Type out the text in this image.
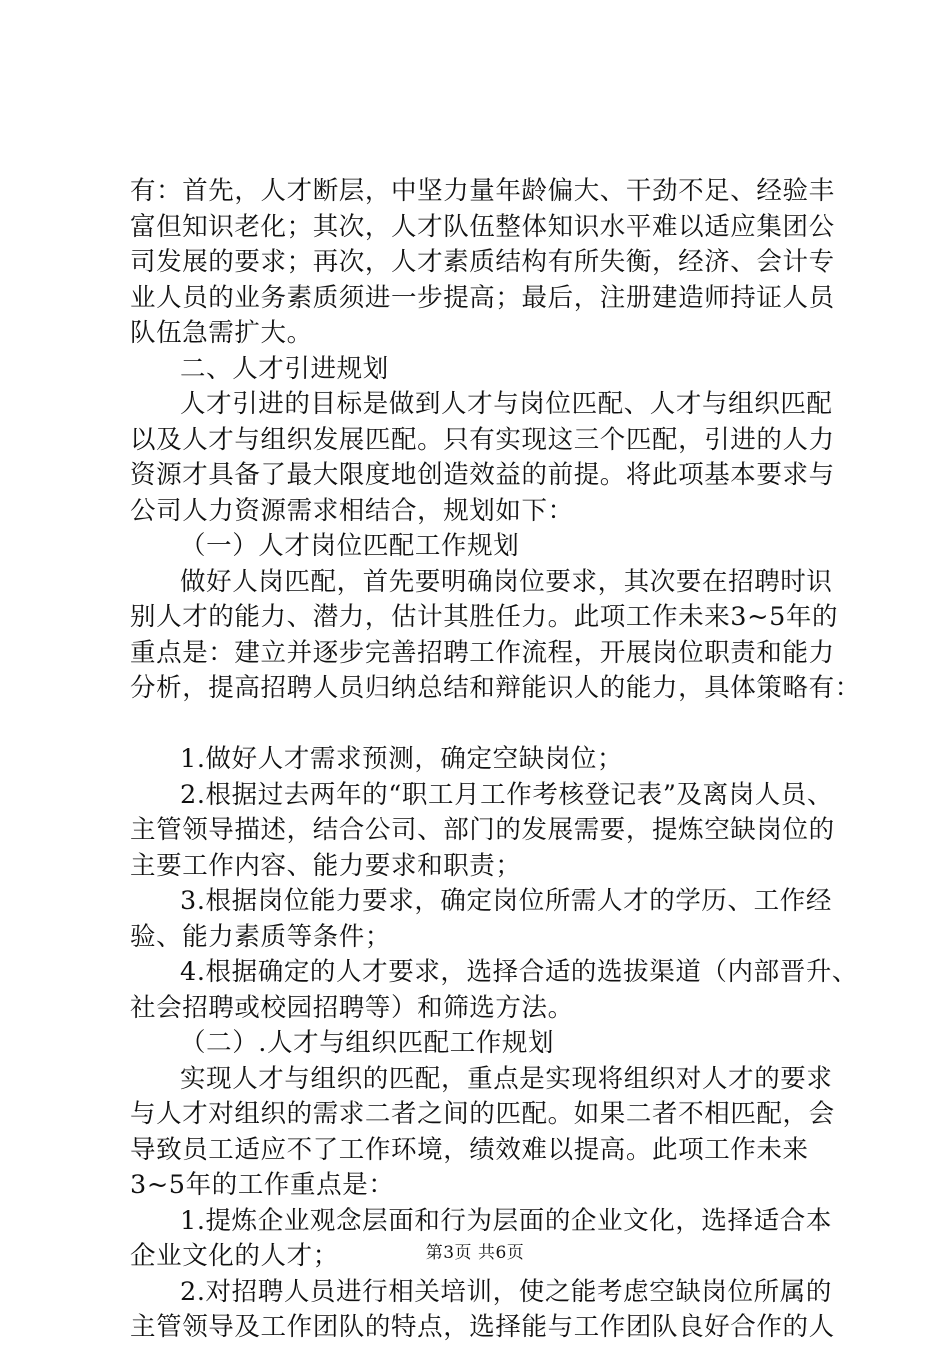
有：首先，人才断层，中坚力量年龄偏大、干劲不足、经验丰
富但知识老化；其次，人才队伍整体知识水平难以适应集团公
司发展的要求；再次，人才素质结构有所失衡，经济、会计专
业人员的业务素质须进一步提高；最后，注册建造师持证人员
队伍急需扩大。
二、人才引进规划
人才引进的目标是做到人才与岗位匹配、人才与组织匹配
以及人才与组织发展匹配。只有实现这三个匹配，引进的人力
资源才具备了最大限度地创造效益的前提。将此项基本要求与
公司人力资源需求相结合，规划如下：
（一）人才岗位匹配工作规划
做好人岗匹配，首先要明确岗位要求，其次要在招聘时识
别人才的能力、潜力，估计其胜任力。此项工作未来3~5年的
重点是：建立并逐步完善招聘工作流程，开展岗位职责和能力
分析，提高招聘人员归纳总结和辩能识人的能力，具体策略有：
1.做好人才需求预测，确定空缺岗位；
2.根据过去两年的“职工月工作考核登记表”及离岗人员、
主管领导描述，结合公司、部门的发展需要，提炼空缺岗位的
主要工作内容、能力要求和职责；
3.根据岗位能力要求，确定岗位所需人才的学历、工作经
验、能力素质等条件；
4.根据确定的人才要求，选择合适的选拔渠道（内部晋升、
社会招聘或校园招聘等）和筛选方法。
（二）.人才与组织匹配工作规划
实现人才与组织的匹配，重点是实现将组织对人才的要求
与人才对组织的需求二者之间的匹配。如果二者不相匹配，会
导致员工适应不了工作环境，绩效难以提高。此项工作未来
3~5年的工作重点是：
1.提炼企业观念层面和行为层面的企业文化，选择适合本
企业文化的人才；
2.对招聘人员进行相关培训，使之能考虑空缺岗位所属的
主管领导及工作团队的特点，选择能与工作团队良好合作的人
第3页 共6页
